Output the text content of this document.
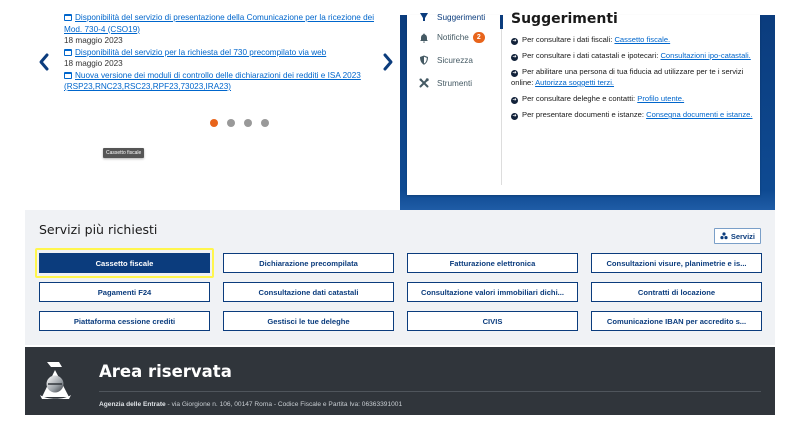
Disponibilità del servizio di presentazione della Comunicazione per la ricezione dei Mod. 730-4 (CSO19)
18 maggio 2023
Disponibilità del servizio per la richiesta del 730 precompilato via web
18 maggio 2023
Nuova versione dei moduli di controllo delle dichiarazioni dei redditi e ISA 2023 (RSP23,RNC23,RSC23,RPF23,73023,IRA23)
Cassetto fiscale
Suggerimenti
Notifiche	2
Sicurezza
Strumenti
Suggerimenti

➜ Per consultare i dati fiscali: Cassetto fiscale.

➜ Per consultare i dati catastali e ipotecari: Consultazioni ipo-catastali.

➜ Per abilitare una persona di tua fiducia ad utilizzare per te i servizi online: Autorizza soggetti terzi.

➜ Per consultare deleghe e contatti: Profilo utente.

➜ Per presentare documenti e istanze: Consegna documenti e istanze.

Servizi più richiesti	Servizi
Cassetto fiscale	Dichiarazione precompilata	Fatturazione elettronica	Consultazioni visure, planimetrie e is...
Pagamenti F24	Consultazione dati catastali	Consultazione valori immobiliari dichi...	Contratti di locazione
Piattaforma cessione crediti	Gestisci le tue deleghe	CIVIS	Comunicazione IBAN per accredito s...
Area riservata

Agenzia delle Entrate - via Giorgione n. 106, 00147 Roma - Codice Fiscale e Partita Iva: 06363391001
